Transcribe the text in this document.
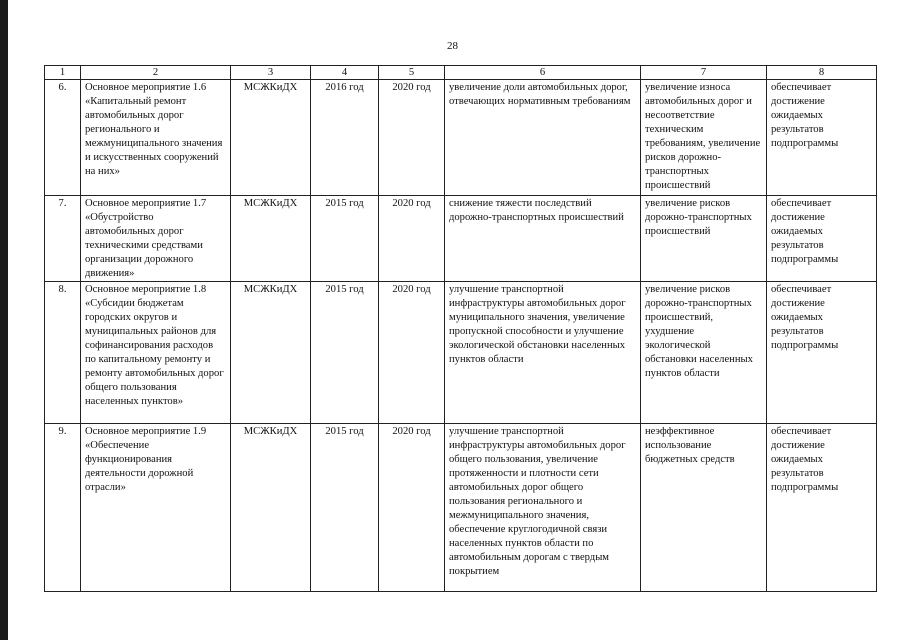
28
1	2	3	4	5	6	7	8
6.	Основное мероприятие 1.6 «Капитальный ремонт автомобильных дорог регионального и межмуниципального значения и искусственных сооружений на них»	МСЖКиДХ	2016 год	2020 год	увеличение доли автомобильных дорог, отвечающих нормативным требованиям	увеличение износа автомобильных дорог и несоответствие техническим требованиям, увеличение рисков дорожно-транспортных происшествий	обеспечивает достижение ожидаемых результатов подпрограммы
7.	Основное мероприятие 1.7 «Обустройство автомобильных дорог техническими средствами организации дорожного движения»	МСЖКиДХ	2015 год	2020 год	снижение тяжести последствий дорожно-транспортных происшествий	увеличение рисков дорожно-транспортных происшествий	обеспечивает достижение ожидаемых результатов подпрограммы
8.	Основное мероприятие 1.8 «Субсидии бюджетам городских округов и муниципальных районов для софинансирования расходов по капитальному ремонту и ремонту автомобильных дорог общего пользования населенных пунктов»	МСЖКиДХ	2015 год	2020 год	улучшение транспортной инфраструктуры автомобильных дорог муниципального значения, увеличение пропускной способности и улучшение экологической обстановки населенных пунктов области	увеличение рисков дорожно-транспортных происшествий, ухудшение экологической обстановки населенных пунктов области	обеспечивает достижение ожидаемых результатов подпрограммы
9.	Основное мероприятие 1.9 «Обеспечение функционирования деятельности дорожной отрасли»	МСЖКиДХ	2015 год	2020 год	улучшение транспортной инфраструктуры автомобильных дорог общего пользования, увеличение протяженности и плотности сети автомобильных дорог общего пользования регионального и межмуниципального значения, обеспечение круглогодичной связи населенных пунктов области по автомобильным дорогам с твердым покрытием	неэффективное использование бюджетных средств	обеспечивает достижение ожидаемых результатов подпрограммы
